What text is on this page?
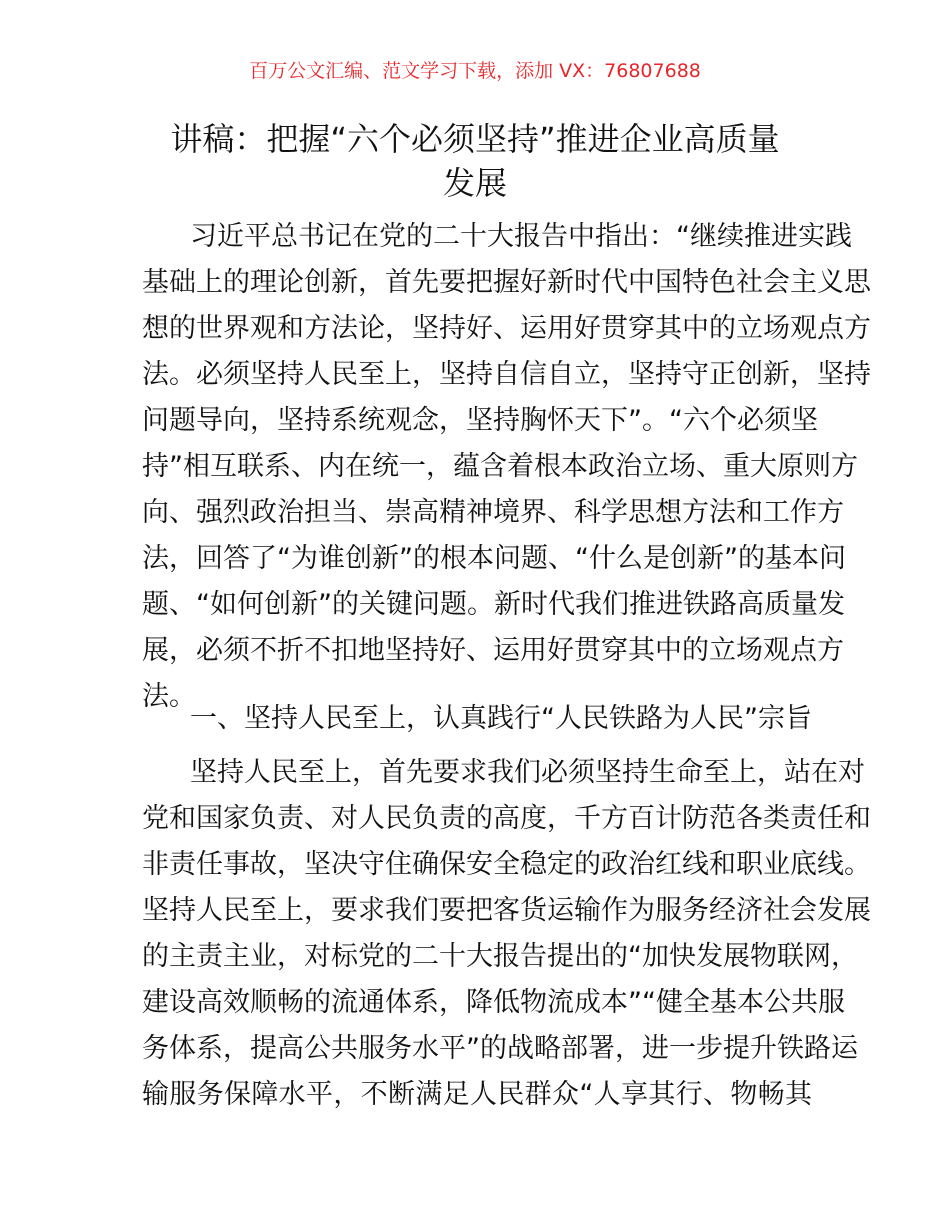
百万公文汇编、范文学习下载，添加 VX：76807688
讲稿：把握“六个必须坚持”推进企业高质量
发展
习近平总书记在党的二十大报告中指出：“继续推进实践
基础上的理论创新，首先要把握好新时代中国特色社会主义思
想的世界观和方法论，坚持好、运用好贯穿其中的立场观点方
法。必须坚持人民至上，坚持自信自立，坚持守正创新，坚持
问题导向，坚持系统观念，坚持胸怀天下”。“六个必须坚
持”相互联系、内在统一，蕴含着根本政治立场、重大原则方
向、强烈政治担当、崇高精神境界、科学思想方法和工作方
法，回答了“为谁创新”的根本问题、“什么是创新”的基本问
题、“如何创新”的关键问题。新时代我们推进铁路高质量发
展，必须不折不扣地坚持好、运用好贯穿其中的立场观点方
法。
一、坚持人民至上，认真践行“人民铁路为人民”宗旨
坚持人民至上，首先要求我们必须坚持生命至上，站在对
党和国家负责、对人民负责的高度，千方百计防范各类责任和
非责任事故，坚决守住确保安全稳定的政治红线和职业底线。
坚持人民至上，要求我们要把客货运输作为服务经济社会发展
的主责主业，对标党的二十大报告提出的“加快发展物联网，
建设高效顺畅的流通体系，降低物流成本”“健全基本公共服
务体系，提高公共服务水平”的战略部署，进一步提升铁路运
输服务保障水平，不断满足人民群众“人享其行、物畅其
